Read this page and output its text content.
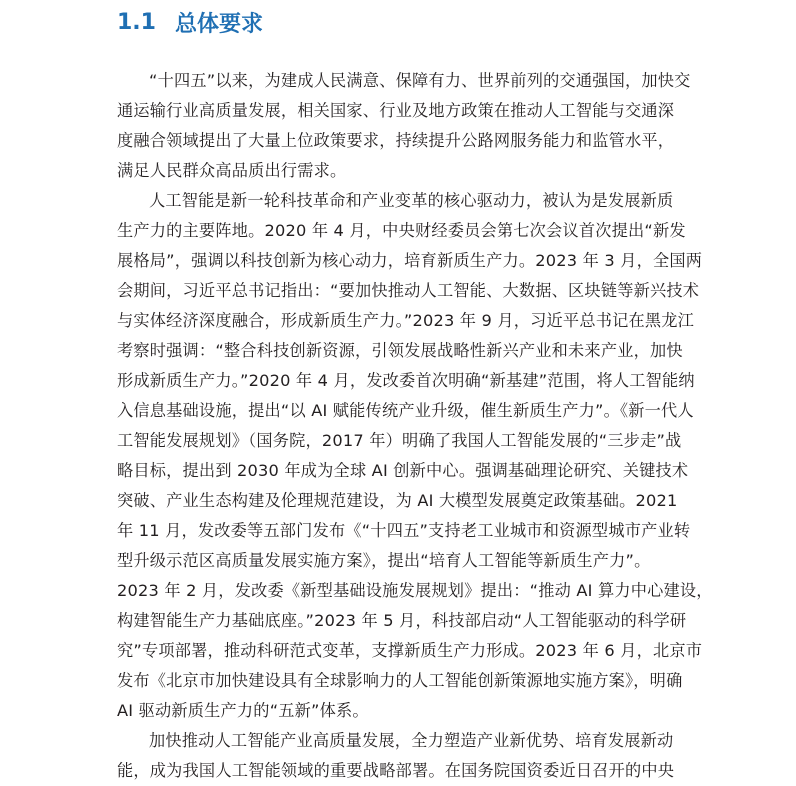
1.1 总体要求
“十四五”以来，为建成人民满意、保障有力、世界前列的交通强国，加快交
通运输行业高质量发展，相关国家、行业及地方政策在推动人工智能与交通深
度融合领域提出了大量上位政策要求，持续提升公路网服务能力和监管水平，
满足人民群众高品质出行需求。
人工智能是新一轮科技革命和产业变革的核心驱动力，被认为是发展新质
生产力的主要阵地。2020 年 4 月，中央财经委员会第七次会议首次提出“新发
展格局”，强调以科技创新为核心动力，培育新质生产力。2023 年 3 月，全国两
会期间，习近平总书记指出：“要加快推动人工智能、大数据、区块链等新兴技术
与实体经济深度融合，形成新质生产力。”2023 年 9 月，习近平总书记在黑龙江
考察时强调：“整合科技创新资源，引领发展战略性新兴产业和未来产业，加快
形成新质生产力。”2020 年 4 月，发改委首次明确“新基建”范围，将人工智能纳
入信息基础设施，提出“以 AI 赋能传统产业升级，催生新质生产力”。《新一代人
工智能发展规划》（国务院，2017 年）明确了我国人工智能发展的“三步走”战
略目标，提出到 2030 年成为全球 AI 创新中心。强调基础理论研究、关键技术
突破、产业生态构建及伦理规范建设，为 AI 大模型发展奠定政策基础。2021
年 11 月，发改委等五部门发布《“十四五”支持老工业城市和资源型城市产业转
型升级示范区高质量发展实施方案》，提出“培育人工智能等新质生产力”。
2023 年 2 月，发改委《新型基础设施发展规划》提出：“推动 AI 算力中心建设，
构建智能生产力基础底座。”2023 年 5 月，科技部启动“人工智能驱动的科学研
究”专项部署，推动科研范式变革，支撑新质生产力形成。2023 年 6 月，北京市
发布《北京市加快建设具有全球影响力的人工智能创新策源地实施方案》，明确
AI 驱动新质生产力的“五新”体系。
加快推动人工智能产业高质量发展，全力塑造产业新优势、培育发展新动
能，成为我国人工智能领域的重要战略部署。在国务院国资委近日召开的中央
